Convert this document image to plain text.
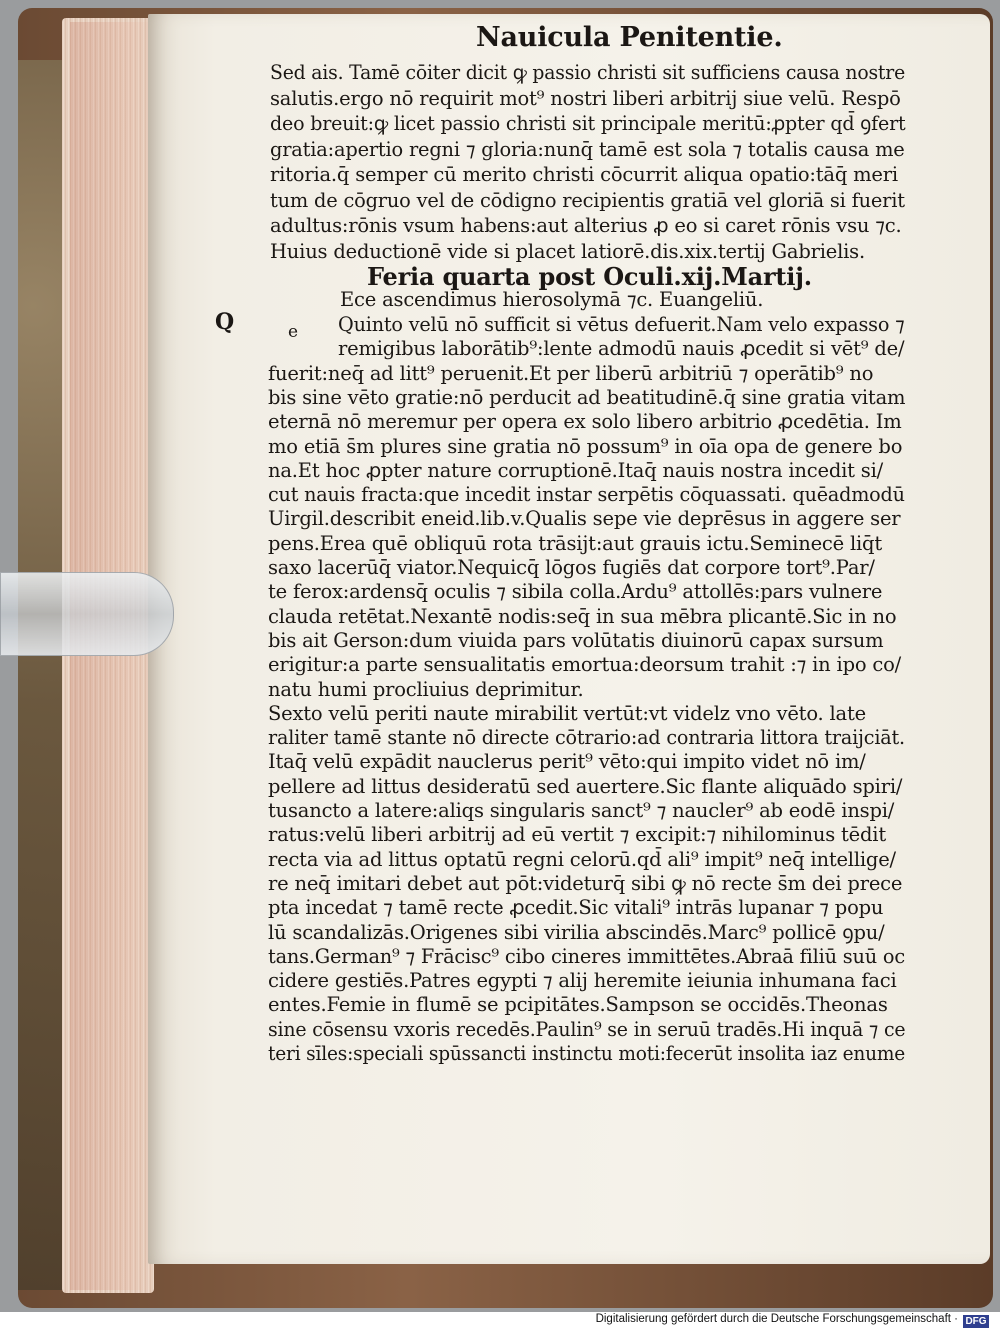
Nauicula Penitentie.
Sed ais. Tamē cōiter dicit ꝙ passio christi sit sufficiens causa nostre
salutis.ergo nō requirit mot⁹ nostri liberi arbitrij siue velū. Respō
deo breuit:ꝙ licet passio christi sit principale meritū:ꝓpter qd̄ ꝯfert
gratia:apertio regni ⁊ gloria:nunq̄ tamē est sola ⁊ totalis causa me
ritoria.q̄ semper cū merito christi cōcurrit aliqua opatio:tāq̄ meri
tum de cōgruo vel de cōdigno recipientis gratiā vel gloriā si fuerit
adultus:rōnis vsum habens:aut alterius ꝓ eo si caret rōnis vsu ⁊c.
Huius deductionē vide si placet latiorē.dis.xix.tertij Gabrielis.
Feria quarta post Oculi.xij.Martij.
Ece ascendimus hierosolymā ⁊c. Euangeliū.
Q	e Quinto velū nō sufficit si vētus defuerit.Nam velo expasso ⁊
remigibus laborātib⁹:lente admodū nauis ꝓcedit si vēt⁹ de/
fuerit:neq̄ ad litt⁹ peruenit.Et per liberū arbitriū ⁊ operātib⁹ no
bis sine vēto gratie:nō perducit ad beatitudinē.q̄ sine gratia vitam
eternā nō meremur per opera ex solo libero arbitrio ꝓcedētia. Im
mo etiā s̄m plures sine gratia nō possum⁹ in oīa opa de genere bo
na.Et hoc ꝓpter nature corruptionē.Itaq̄ nauis nostra incedit si/
cut nauis fracta:que incedit instar serpētis cōquassati. quēadmodū
Uirgil.describit eneid.lib.v.Qualis sepe vie deprēsus in aggere ser
pens.Erea quē obliquū rota trāsijt:aut grauis ictu.Seminecē liq̄t
saxo lacerūq̄ viator.Nequicq̄ lōgos fugiēs dat corpore tort⁹.Par/
te ferox:ardensq̄ oculis ⁊ sibila colla.Ardu⁹ attollēs:pars vulnere
clauda retētat.Nexantē nodis:seq̄ in sua mēbra plicantē.Sic in no
bis ait Gerson:dum viuida pars volūtatis diuinorū capax sursum
erigitur:a parte sensualitatis emortua:deorsum trahit :⁊ in ipo co/
natu humi procliuius deprimitur.
Sexto velū periti naute mirabilit vertūt:vt videlz vno vēto. late
raliter tamē stante nō directe cōtrario:ad contraria littora traijciāt.
Itaq̄ velū expādit nauclerus perit⁹ vēto:qui impito videt nō im/
pellere ad littus desideratū sed auertere.Sic flante aliquādo spiri/
tusancto a latere:aliqs singularis sanct⁹ ⁊ naucler⁹ ab eodē inspi/
ratus:velū liberi arbitrij ad eū vertit ⁊ excipit:⁊ nihilominus tēdit
recta via ad littus optatū regni celorū.qd̄ ali⁹ impit⁹ neq̄ intellige/
re neq̄ imitari debet aut pōt:videturq̄ sibi ꝙ nō recte s̄m dei prece
pta incedat ⁊ tamē recte ꝓcedit.Sic vitali⁹ intrās lupanar ⁊ popu
lū scandalizās.Origenes sibi virilia abscindēs.Marc⁹ pollicē ꝯpu/
tans.German⁹ ⁊ Frācisc⁹ cibo cineres immittētes.Abraā filiū suū oc
cidere gestiēs.Patres egypti ⁊ alij heremite ieiunia inhumana faci
entes.Femie in flumē se pcipitātes.Sampson se occidēs.Theonas
sine cōsensu vxoris recedēs.Paulin⁹ se in seruū tradēs.Hi inquā ⁊ ce
teri sīles:speciali spūssancti instinctu moti:fecerūt insolita iaz enume
Digitalisierung gefördert durch die Deutsche Forschungsgemeinschaft · DFG
